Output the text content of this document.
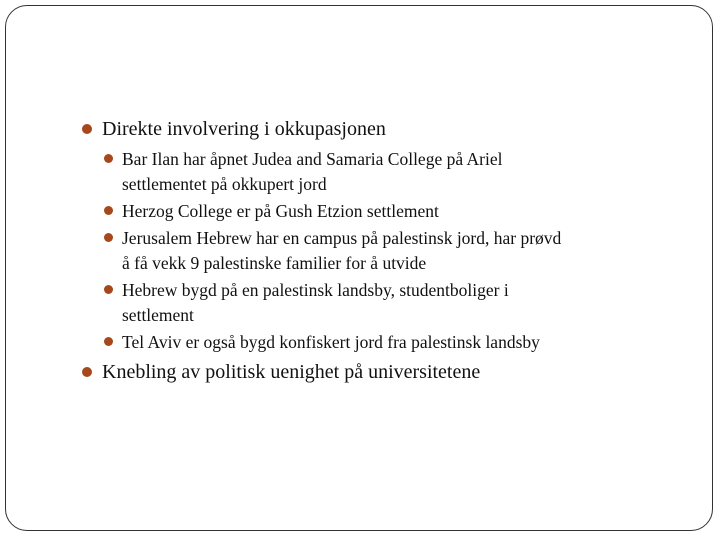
Direkte involvering i okkupasjonen
Bar Ilan har åpnet Judea and Samaria College på Ariel
settlementet på okkupert jord
Herzog College er på Gush Etzion settlement
Jerusalem Hebrew har en campus på palestinsk jord, har prøvd
å få vekk 9 palestinske familier for å utvide
Hebrew bygd på en palestinsk landsby, studentboliger i
settlement
Tel Aviv er også bygd konfiskert jord fra palestinsk landsby
Knebling av politisk uenighet på universitetene
